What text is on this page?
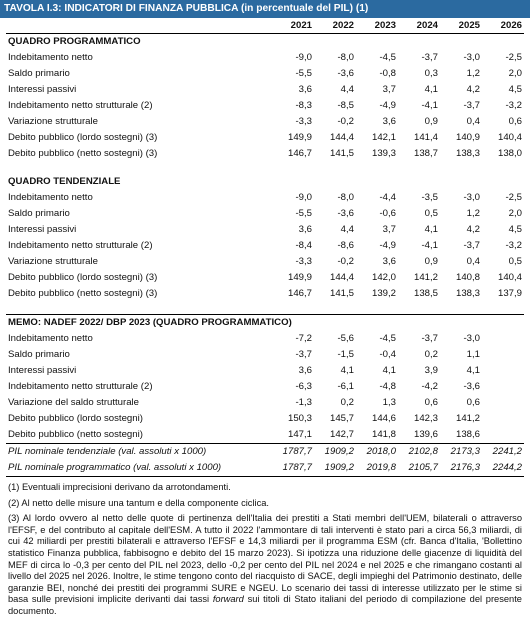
TAVOLA I.3: INDICATORI DI FINANZA PUBBLICA (in percentuale del PIL) (1)
	2021	2022	2023	2024	2025	2026
QUADRO PROGRAMMATICO						
Indebitamento netto	-9,0	-8,0	-4,5	-3,7	-3,0	-2,5
Saldo primario	-5,5	-3,6	-0,8	0,3	1,2	2,0
Interessi passivi	3,6	4,4	3,7	4,1	4,2	4,5
Indebitamento netto strutturale (2)	-8,3	-8,5	-4,9	-4,1	-3,7	-3,2
Variazione strutturale	-3,3	-0,2	3,6	0,9	0,4	0,6
Debito pubblico (lordo sostegni) (3)	149,9	144,4	142,1	141,4	140,9	140,4
Debito pubblico (netto sostegni) (3)	146,7	141,5	139,3	138,7	138,3	138,0

QUADRO TENDENZIALE						
Indebitamento netto	-9,0	-8,0	-4,4	-3,5	-3,0	-2,5
Saldo primario	-5,5	-3,6	-0,6	0,5	1,2	2,0
Interessi passivi	3,6	4,4	3,7	4,1	4,2	4,5
Indebitamento netto strutturale (2)	-8,4	-8,6	-4,9	-4,1	-3,7	-3,2
Variazione strutturale	-3,3	-0,2	3,6	0,9	0,4	0,5
Debito pubblico (lordo sostegni) (3)	149,9	144,4	142,0	141,2	140,8	140,4
Debito pubblico (netto sostegni) (3)	146,7	141,5	139,2	138,5	138,3	137,9

MEMO: NADEF 2022/ DBP 2023 (QUADRO PROGRAMMATICO)						
Indebitamento netto	-7,2	-5,6	-4,5	-3,7	-3,0	
Saldo primario	-3,7	-1,5	-0,4	0,2	1,1	
Interessi passivi	3,6	4,1	4,1	3,9	4,1	
Indebitamento netto strutturale (2)	-6,3	-6,1	-4,8	-4,2	-3,6	
Variazione del saldo strutturale	-1,3	0,2	1,3	0,6	0,6	
Debito pubblico (lordo sostegni)	150,3	145,7	144,6	142,3	141,2	
Debito pubblico (netto sostegni)	147,1	142,7	141,8	139,6	138,6	
PIL nominale tendenziale (val. assoluti x 1000)	1787,7	1909,2	2018,0	2102,8	2173,3	2241,2
PIL nominale programmatico (val. assoluti x 1000)	1787,7	1909,2	2019,8	2105,7	2176,3	2244,2

(1) Eventuali imprecisioni derivano da arrotondamenti.

(2) Al netto delle misure una tantum e della componente ciclica.

(3) Al lordo ovvero al netto delle quote di pertinenza dell'Italia dei prestiti a Stati membri dell'UEM, bilaterali o attraverso l'EFSF, e del contributo al capitale dell'ESM. A tutto il 2022 l'ammontare di tali interventi è stato pari a circa 56,3 miliardi, di cui 42 miliardi per prestiti bilaterali e attraverso l'EFSF e 14,3 miliardi per il programma ESM (cfr. Banca d'Italia, 'Bollettino statistico Finanza pubblica, fabbisogno e debito del 15 marzo 2023). Si ipotizza una riduzione delle giacenze di liquidità del MEF di circa lo -0,3 per cento del PIL nel 2023, dello -0,2 per cento del PIL nel 2024 e nel 2025 e che rimangano costanti al livello del 2025 nel 2026. Inoltre, le stime tengono conto del riacquisto di SACE, degli impieghi del Patrimonio destinato, delle garanzie BEI, nonché dei prestiti dei programmi SURE e NGEU. Lo scenario dei tassi di interesse utilizzato per le stime si basa sulle previsioni implicite derivanti dai tassi forward sui titoli di Stato italiani del periodo di compilazione del presente documento.
